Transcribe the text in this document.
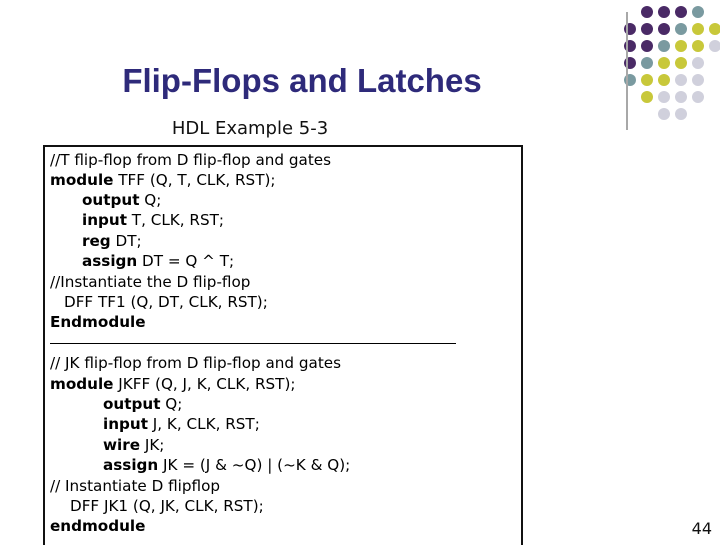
Flip-Flops and Latches
HDL Example 5-3
//T flip-flop from D flip-flop and gates
module TFF (Q, T, CLK, RST);
output Q;
input T, CLK, RST;
reg DT;
assign DT = Q ^ T;
//Instantiate the D flip-flop
DFF TF1 (Q, DT, CLK, RST);
Endmodule
// JK flip-flop from D flip-flop and gates
module JKFF (Q, J, K, CLK, RST);
output Q;
input J, K, CLK, RST;
wire JK;
assign JK = (J & ~Q) | (~K & Q);
// Instantiate D flipflop
DFF JK1 (Q, JK, CLK, RST);
endmodule	44
